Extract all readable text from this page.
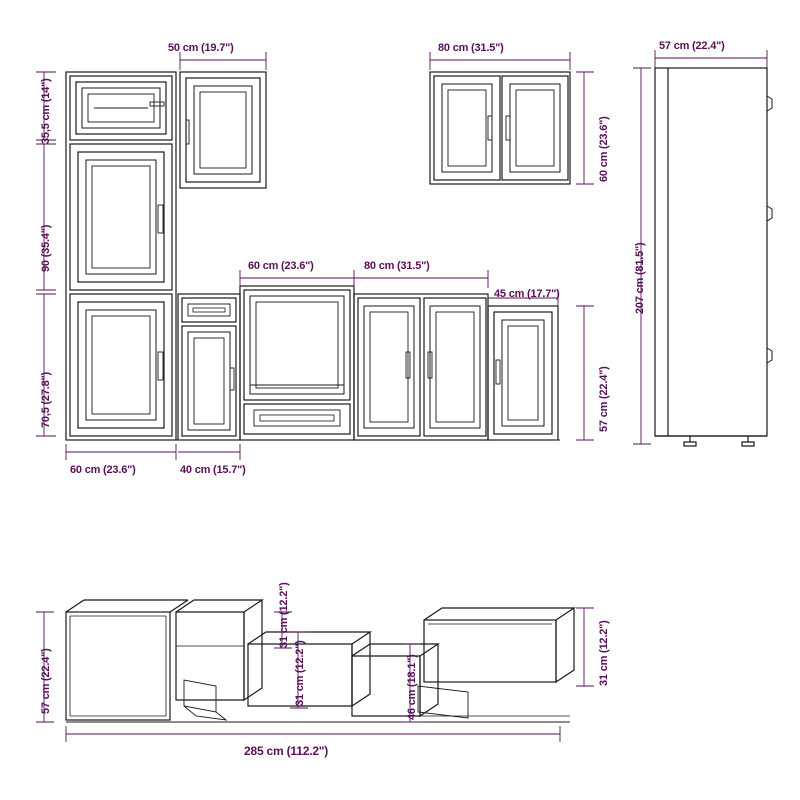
50 cm (19.7")	80 cm (31.5")	57 cm (22.4")
35,5 cm (14")
90 (35.4")
70,5 (27.8")
60 cm (23.6")
57 cm (22.4")
207 cm (81.5")
60 cm (23.6")	80 cm (31.5")
45 cm (17.7")
60 cm (23.6")	40 cm (15.7")
57 cm (22.4")
31 cm (12.2")
31 cm (12.2")	46 cm (18.1")
31 cm (12.2")
285 cm (112.2")
